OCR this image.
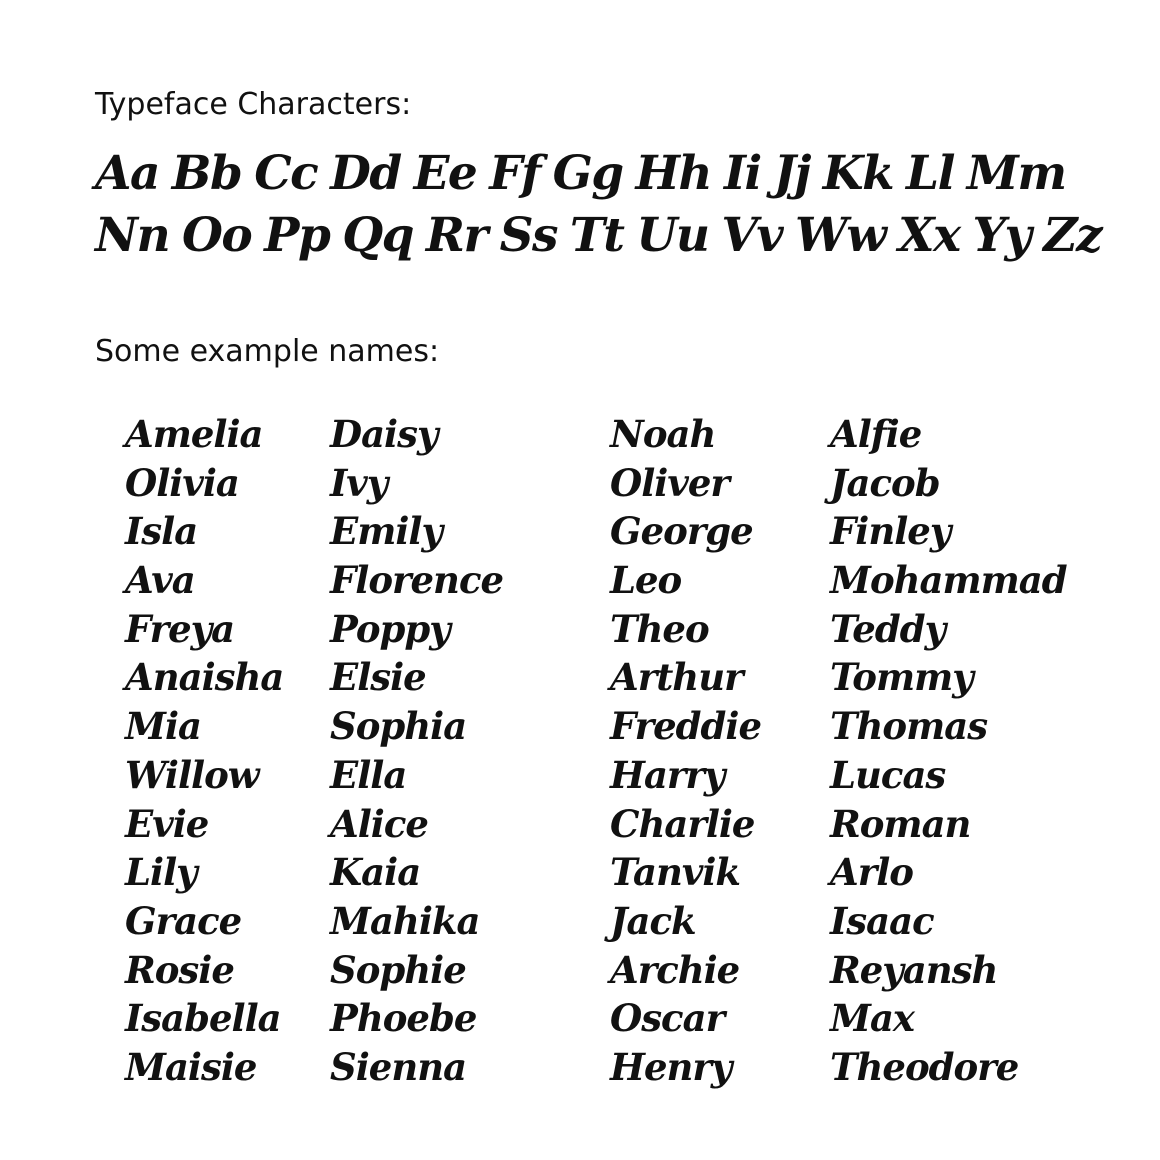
Typeface Characters:
Aa Bb Cc Dd Ee Ff Gg Hh Ii Jj Kk Ll Mm
Nn Oo Pp Qq Rr Ss Tt Uu Vv Ww Xx Yy Zz
Some example names:
Amelia
Olivia
Isla
Ava
Freya
Anaisha
Mia
Willow
Evie
Lily
Grace
Rosie
Isabella
Maisie
Daisy
Ivy
Emily
Florence
Poppy
Elsie
Sophia
Ella
Alice
Kaia
Mahika
Sophie
Phoebe
Sienna
Noah
Oliver
George
Leo
Theo
Arthur
Freddie
Harry
Charlie
Tanvik
Jack
Archie
Oscar
Henry
Alfie
Jacob
Finley
Mohammad
Teddy
Tommy
Thomas
Lucas
Roman
Arlo
Isaac
Reyansh
Max
Theodore
